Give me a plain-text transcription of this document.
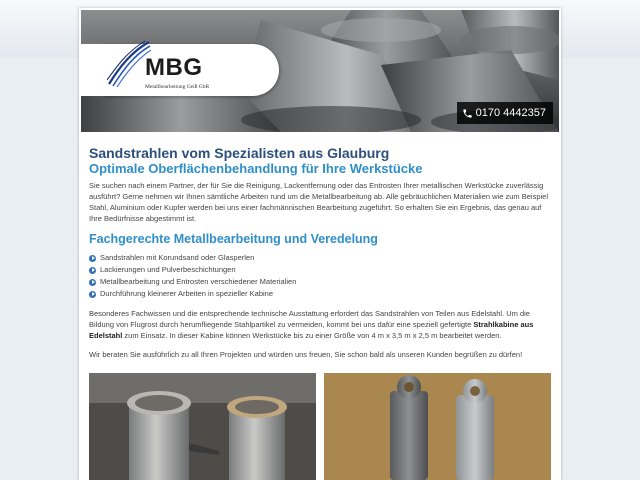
MBG
Metallbearbeitung Geiß GbR
0170 4442357
Sandstrahlen vom Spezialisten aus Glauburg
Optimale Oberflächenbehandlung für Ihre Werkstücke

Sie suchen nach einem Partner, der für Sie die Reinigung, Lackentfernung oder das Entrosten Ihrer metallischen Werkstücke zuverlässig ausführt? Gerne nehmen wir Ihnen sämtliche Arbeiten rund um die Metallbearbeitung ab. Alle gebräuchlichen Materialien wie zum Beispiel Stahl, Aluminium oder Kupfer werden bei uns einer fachmännischen Bearbeitung zugeführt. So erhalten Sie ein Ergebnis, das genau auf Ihre Bedürfnisse abgestimmt ist.

Fachgerechte Metallbearbeitung und Veredelung
Sandstrahlen mit Korundsand oder Glasperlen
Lackierungen und Pulverbeschichtungen
Metallbearbeitung und Entrosten verschiedener Materialien
Durchführung kleinerer Arbeiten in spezieller Kabine

Besonderes Fachwissen und die entsprechende technische Ausstattung erfordert das Sandstrahlen von Teilen aus Edelstahl. Um die Bildung von Flugrost durch herumfliegende Stahlpartikel zu vermeiden, kommt bei uns dafür eine speziell gefertigte Strahlkabine aus Edelstahl zum Einsatz. In dieser Kabine können Werkstücke bis zu einer Größe von 4 m x 3,5 m x 2,5 m bearbeitet werden.

Wir beraten Sie ausführlich zu all Ihren Projekten und würden uns freuen, Sie schon bald als unseren Kunden begrüßen zu dürfen!
